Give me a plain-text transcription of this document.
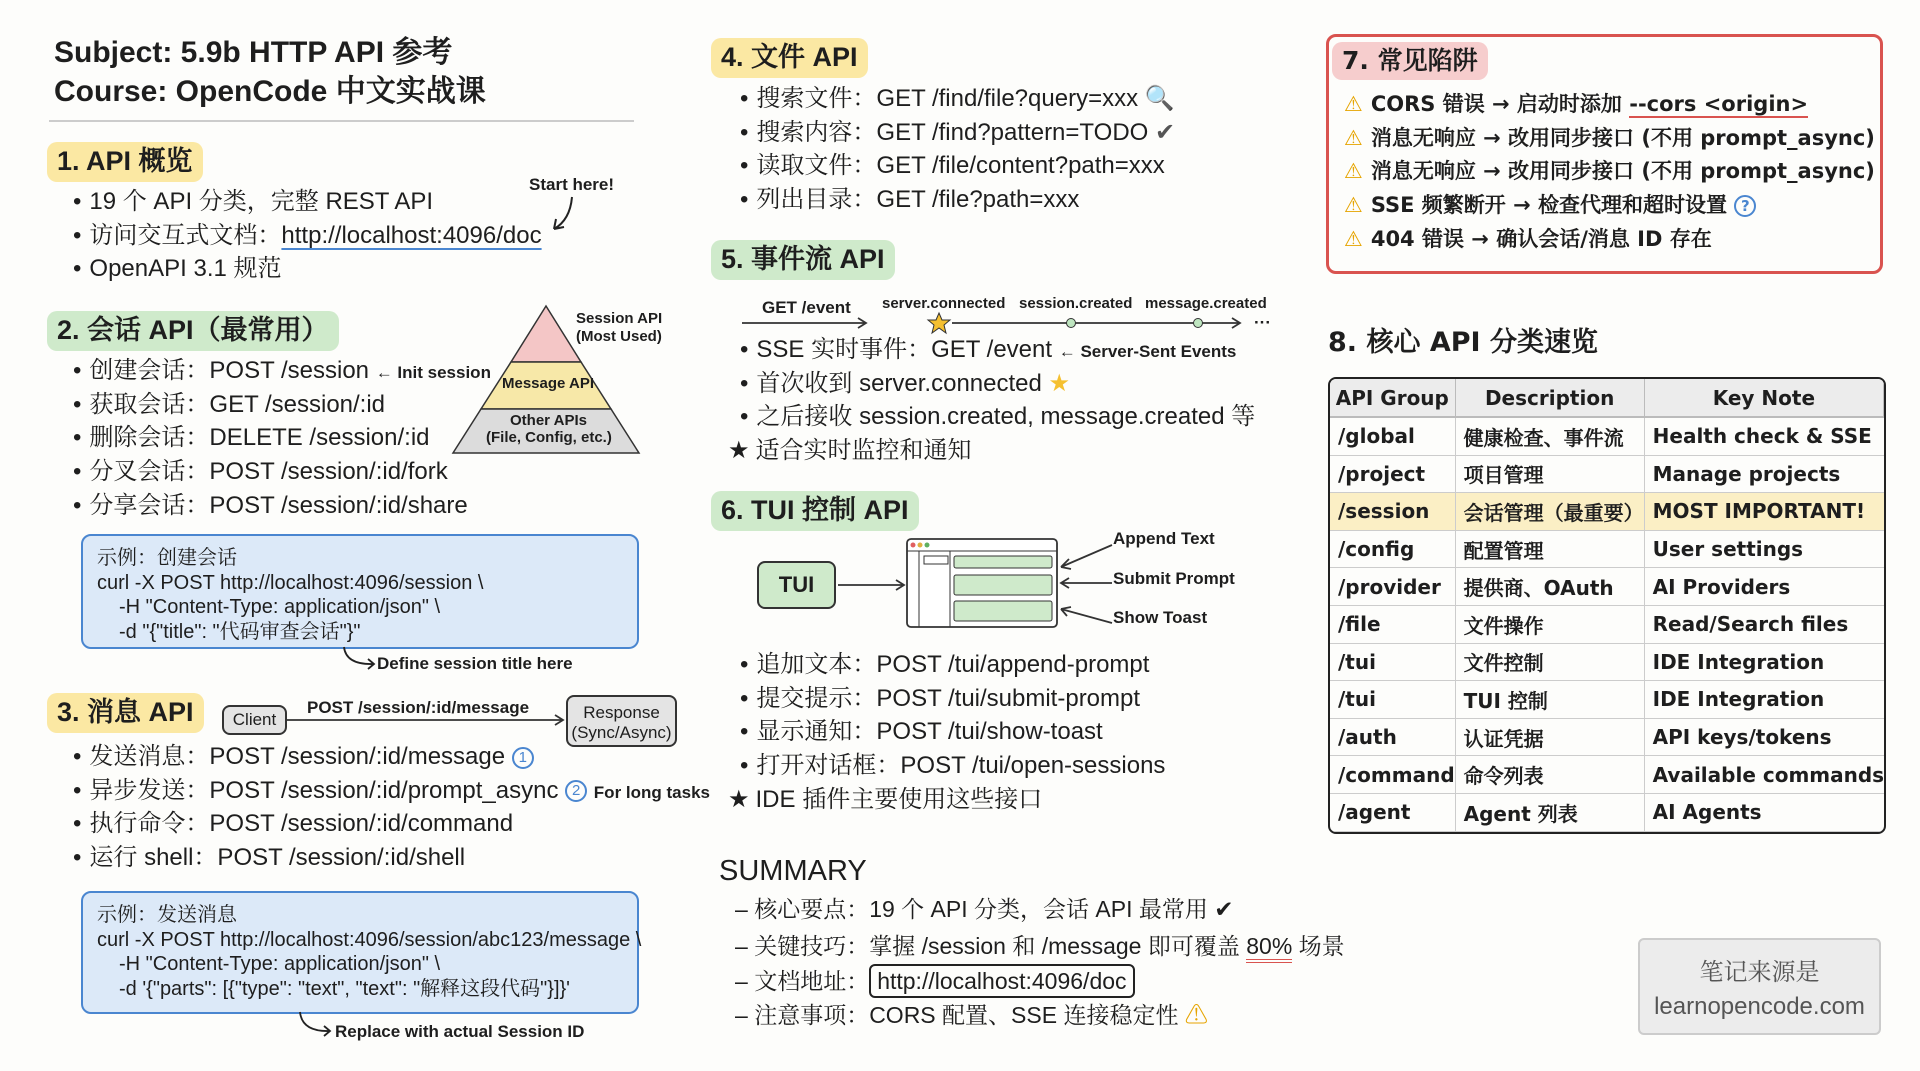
Subject: 5.9b HTTP API 参考
Course: OpenCode 中文实战课
1. API 概览
• 19 个 API 分类，完整 REST API
• 访问交互式文档：http://localhost:4096/doc
• OpenAPI 3.1 规范
Start here!
2. 会话 API（最常用）
• 创建会话：POST /session ← Init session
• 获取会话：GET /session/:id
• 删除会话：DELETE /session/:id
• 分叉会话：POST /session/:id/fork
• 分享会话：POST /session/:id/share
Session API
(Most Used)
Message API
Other APIs
(File, Config, etc.)
示例：创建会话
curl -X POST http://localhost:4096/session \
-H "Content-Type: application/json" \
-d "{"title": "代码审查会话"}"
Define session title here
3. 消息 API	Client
POST /session/:id/message	Response
(Sync/Async)
• 发送消息：POST /session/:id/message 1
• 异步发送：POST /session/:id/prompt_async 2 For long tasks
• 执行命令：POST /session/:id/command
• 运行 shell：POST /session/:id/shell
示例：发送消息
curl -X POST http://localhost:4096/session/abc123/message \
-H "Content-Type: application/json" \
-d '{"parts": [{"type": "text", "text": "解释这段代码"}]}'
Replace with actual Session ID
4. 文件 API
• 搜索文件：GET /find/file?query=xxx 🔍
• 搜索内容：GET /find?pattern=TODO ✔
• 读取文件：GET /file/content?path=xxx
• 列出目录：GET /file?path=xxx
5. 事件流 API
GET /event server.connected session.created message.created
···
• SSE 实时事件：GET /event ← Server-Sent Events
• 首次收到 server.connected ★
• 之后接收 session.created, message.created 等
★ 适合实时监控和通知
6. TUI 控制 API
TUI
Append Text
Submit Prompt
Show Toast
• 追加文本：POST /tui/append-prompt
• 提交提示：POST /tui/submit-prompt
• 显示通知：POST /tui/show-toast
• 打开对话框：POST /tui/open-sessions
★ IDE 插件主要使用这些接口
SUMMARY
– 核心要点：19 个 API 分类，会话 API 最常用 ✔
– 关键技巧：掌握 /session 和 /message 即可覆盖 80% 场景
– 文档地址： http://localhost:4096/doc
– 注意事项：CORS 配置、SSE 连接稳定性 ⚠
7. 常见陷阱
⚠ CORS 错误 → 启动时添加 --cors <origin>
⚠ 消息无响应 → 改用同步接口 (不用 prompt_async)
⚠ 消息无响应 → 改用同步接口 (不用 prompt_async)
⚠ SSE 频繁断开 → 检查代理和超时设置 ?
⚠ 404 错误 → 确认会话/消息 ID 存在
8. 核心 API 分类速览
API Group	Description	Key Note
/global	健康检查、事件流	Health check & SSE
/project	项目管理	Manage projects
/session	会话管理（最重要）	MOST IMPORTANT!
/config	配置管理	User settings
/provider	提供商、OAuth	AI Providers
/file	文件操作	Read/Search files
/tui	文件控制	IDE Integration
/tui	TUI 控制	IDE Integration
/auth	认证凭据	API keys/tokens
/command	命令列表	Available commands
/agent	Agent 列表	AI Agents
笔记来源是
learnopencode.com
